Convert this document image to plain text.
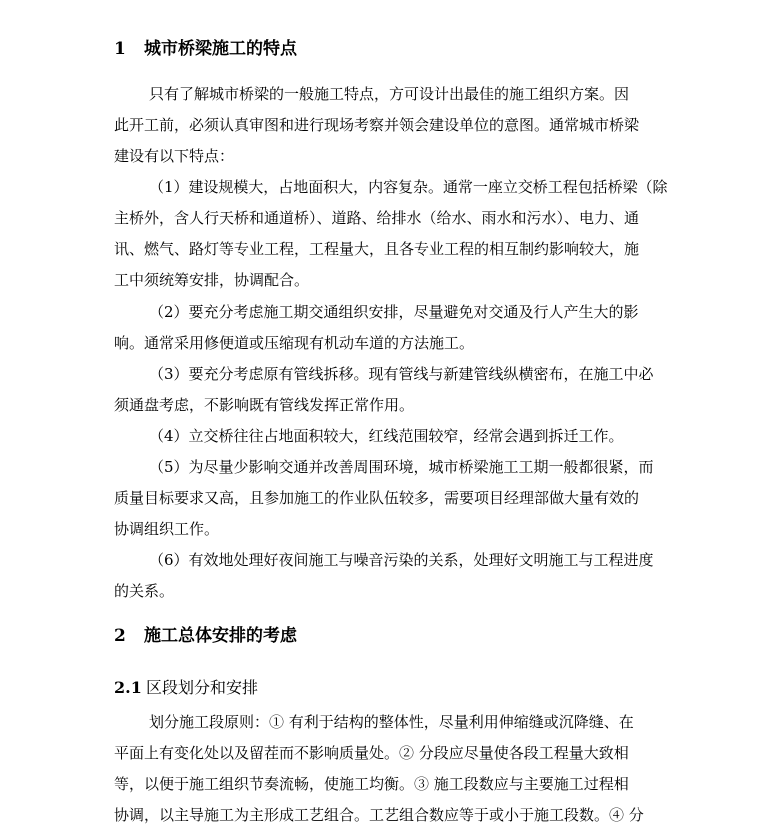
1 城市桥梁施工的特点
只有了解城市桥梁的一般施工特点，方可设计出最佳的施工组织方案。因
此开工前，必须认真审图和进行现场考察并领会建设单位的意图。通常城市桥梁
建设有以下特点：
（1）建设规模大，占地面积大，内容复杂。通常一座立交桥工程包括桥梁（除
主桥外，含人行天桥和通道桥）、道路、给排水（给水、雨水和污水）、电力、通
讯、燃气、路灯等专业工程，工程量大，且各专业工程的相互制约影响较大，施
工中须统筹安排，协调配合。
（2）要充分考虑施工期交通组织安排，尽量避免对交通及行人产生大的影
响。通常采用修便道或压缩现有机动车道的方法施工。
（3）要充分考虑原有管线拆移。现有管线与新建管线纵横密布，在施工中必
须通盘考虑，不影响既有管线发挥正常作用。
（4）立交桥往往占地面积较大，红线范围较窄，经常会遇到拆迁工作。
（5）为尽量少影响交通并改善周围环境，城市桥梁施工工期一般都很紧，而
质量目标要求又高，且参加施工的作业队伍较多，需要项目经理部做大量有效的
协调组织工作。
（6）有效地处理好夜间施工与噪音污染的关系，处理好文明施工与工程进度
的关系。
2 施工总体安排的考虑
2.1 区段划分和安排
划分施工段原则：① 有利于结构的整体性，尽量利用伸缩缝或沉降缝、在
平面上有变化处以及留茬而不影响质量处。② 分段应尽量使各段工程量大致相
等，以便于施工组织节奏流畅，使施工均衡。③ 施工段数应与主要施工过程相
协调，以主导施工为主形成工艺组合。工艺组合数应等于或小于施工段数。④ 分
